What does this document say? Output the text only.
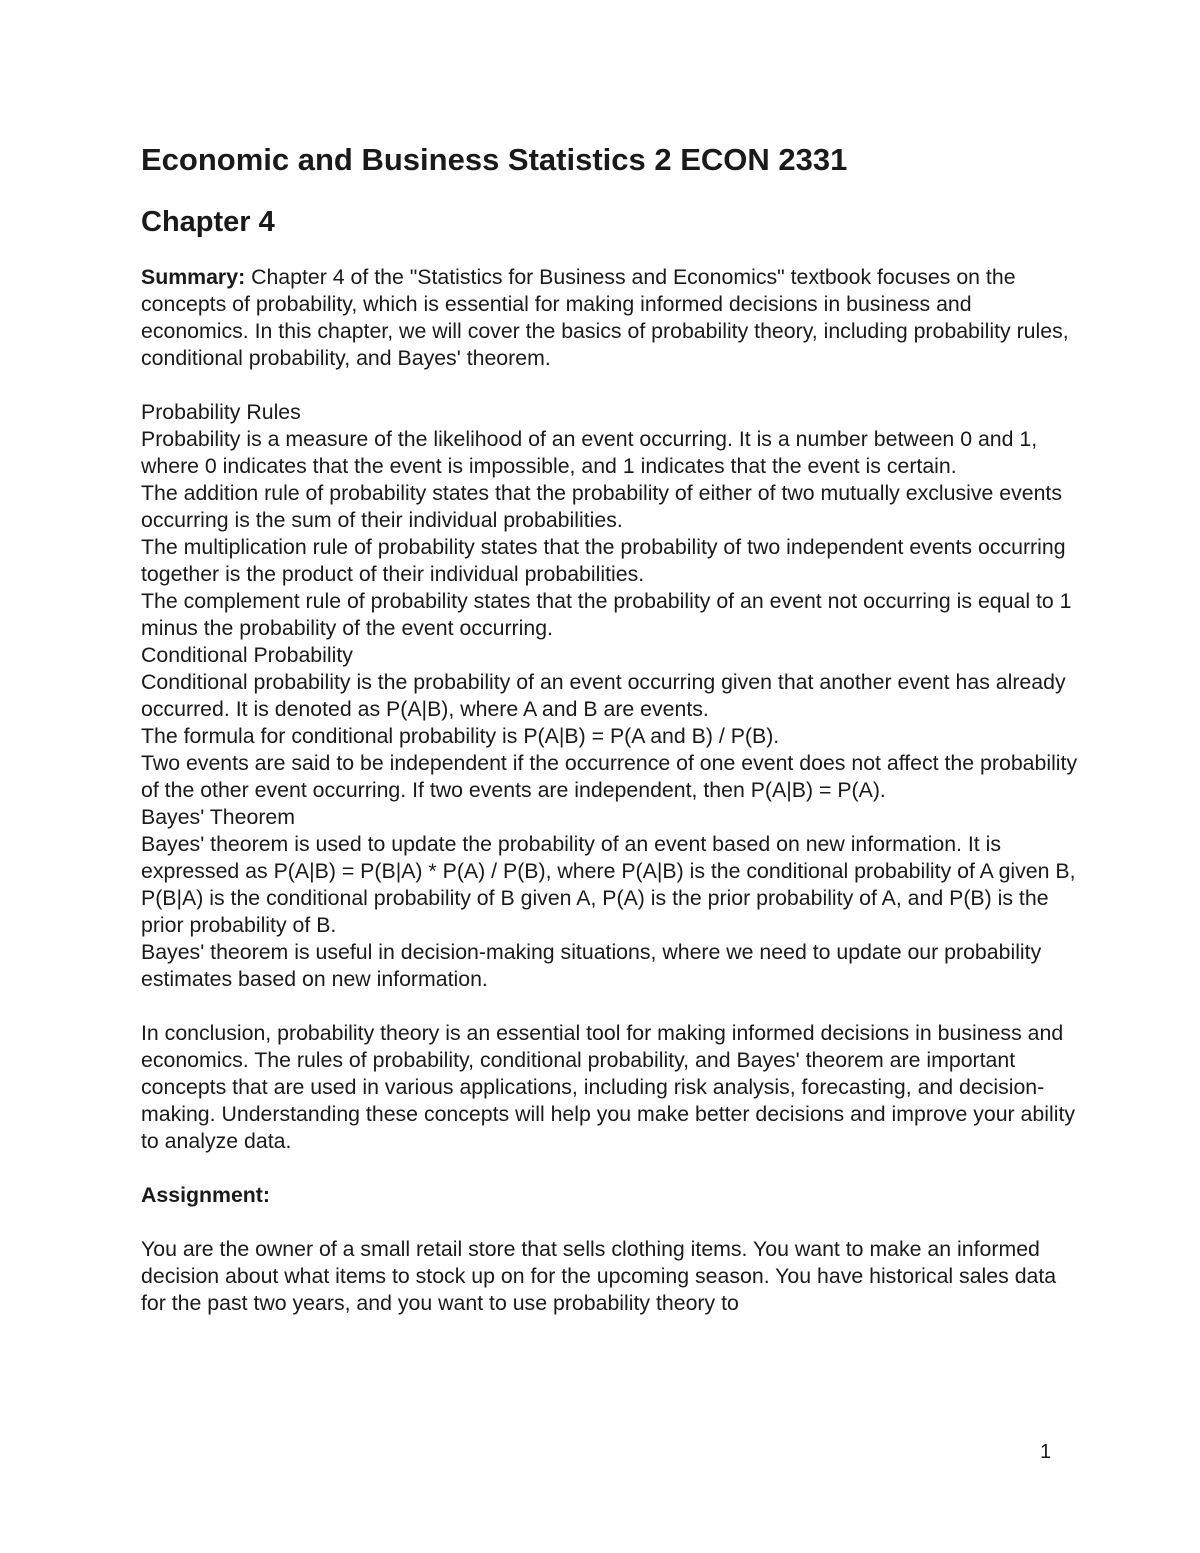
Economic and Business Statistics 2 ECON 2331
Chapter 4

Summary: Chapter 4 of the "Statistics for Business and Economics" textbook focuses on the concepts of probability, which is essential for making informed decisions in business and economics. In this chapter, we will cover the basics of probability theory, including probability rules, conditional probability, and Bayes' theorem.

Probability Rules

Probability is a measure of the likelihood of an event occurring. It is a number between 0 and 1, where 0 indicates that the event is impossible, and 1 indicates that the event is certain.

The addition rule of probability states that the probability of either of two mutually exclusive events occurring is the sum of their individual probabilities.

The multiplication rule of probability states that the probability of two independent events occurring together is the product of their individual probabilities.

The complement rule of probability states that the probability of an event not occurring is equal to 1 minus the probability of the event occurring.

Conditional Probability

Conditional probability is the probability of an event occurring given that another event has already occurred. It is denoted as P(A|B), where A and B are events.

The formula for conditional probability is P(A|B) = P(A and B) / P(B).

Two events are said to be independent if the occurrence of one event does not affect the probability of the other event occurring. If two events are independent, then P(A|B) = P(A).

Bayes' Theorem

Bayes' theorem is used to update the probability of an event based on new information. It is expressed as P(A|B) = P(B|A) * P(A) / P(B), where P(A|B) is the conditional probability of A given B, P(B|A) is the conditional probability of B given A, P(A) is the prior probability of A, and P(B) is the prior probability of B.

Bayes' theorem is useful in decision-making situations, where we need to update our probability estimates based on new information.

In conclusion, probability theory is an essential tool for making informed decisions in business and economics. The rules of probability, conditional probability, and Bayes' theorem are important concepts that are used in various applications, including risk analysis, forecasting, and decision-making. Understanding these concepts will help you make better decisions and improve your ability to analyze data.

Assignment:

You are the owner of a small retail store that sells clothing items. You want to make an informed decision about what items to stock up on for the upcoming season. You have historical sales data for the past two years, and you want to use probability theory to

1
